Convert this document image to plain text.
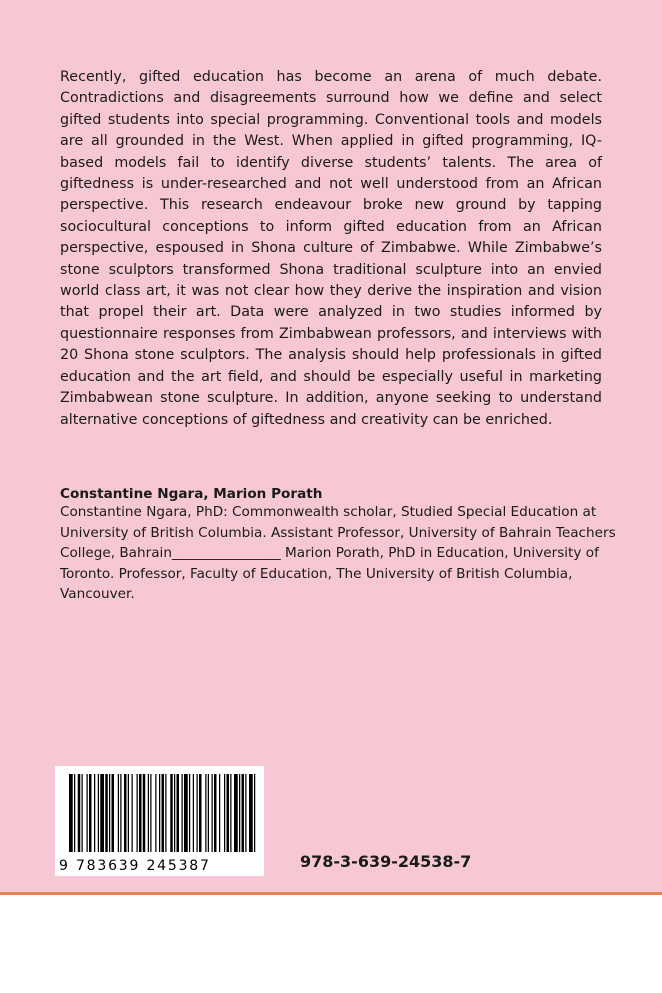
Recently, gifted education has become an arena of much debate. Contradictions and disagreements surround how we define and select gifted students into special programming. Conventional tools and models are all grounded in the West. When applied in gifted programming, IQ-based models fail to identify diverse students’ talents. The area of giftedness is under-researched and not well understood from an African perspective. This research endeavour broke new ground by tapping sociocultural conceptions to inform gifted education from an African perspective, espoused in Shona culture of Zimbabwe. While Zimbabwe’s stone sculptors transformed Shona traditional sculpture into an envied world class art, it was not clear how they derive the inspiration and vision that propel their art. Data were analyzed in two studies informed by questionnaire responses from Zimbabwean professors, and interviews with 20 Shona stone sculptors. The analysis should help professionals in gifted education and the art field, and should be especially useful in marketing Zimbabwean stone sculpture. In addition, anyone seeking to understand alternative conceptions of giftedness and creativity can be enriched.

Constantine Ngara, Marion Porath

Constantine Ngara, PhD: Commonwealth scholar, Studied Special Education at University of British Columbia. Assistant Professor, University of Bahrain Teachers College, Bahrain________________ Marion Porath, PhD in Education, University of Toronto. Professor, Faculty of Education, The University of British Columbia, Vancouver.

9 783639 245387	978-3-639-24538-7
